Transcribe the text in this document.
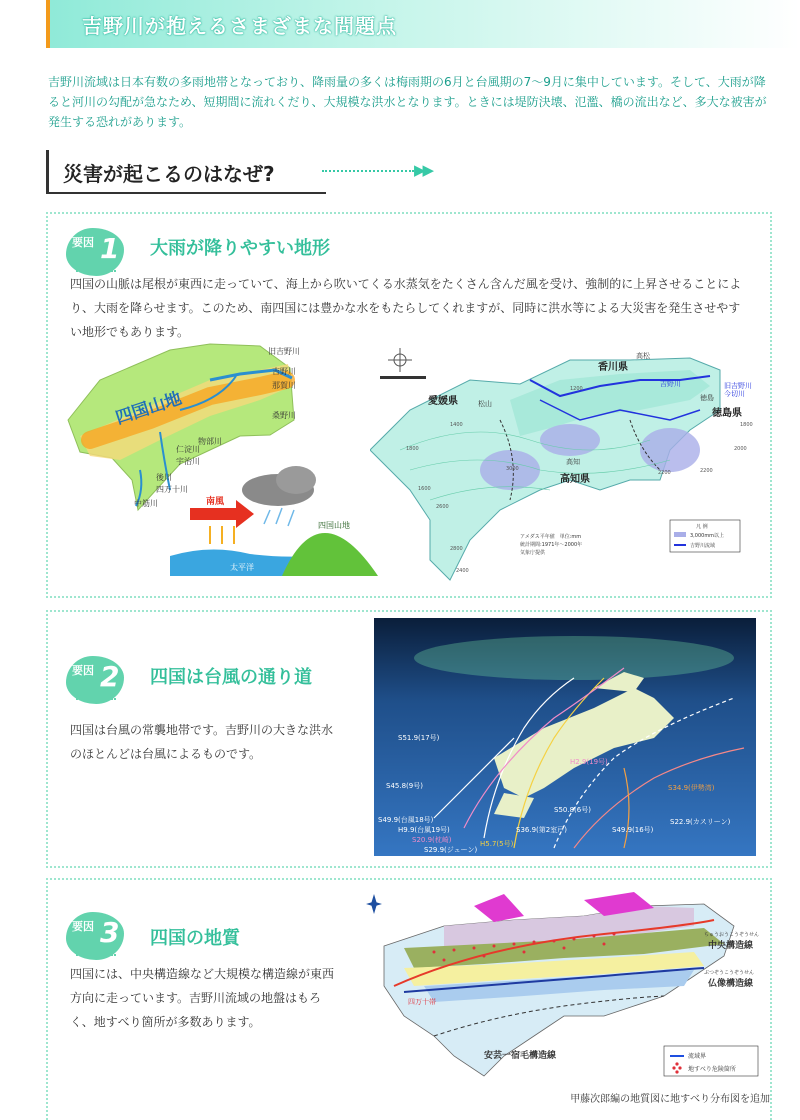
吉野川が抱えるさまざまな問題点

吉野川流域は日本有数の多雨地帯となっており、降雨量の多くは梅雨期の6月と台風期の7〜9月に集中しています。そして、大雨が降ると河川の勾配が急なため、短期間に流れくだり、大規模な洪水となります。ときには堤防決壊、氾濫、橋の流出など、多大な被害が発生する恐れがあります。

災害が起こるのはなぜ?	▶▶
要因 1 大雨が降りやすい地形

四国の山脈は尾根が東西に走っていて、海上から吹いてくる水蒸気をたくさん含んだ風を受け、強制的に上昇させることにより、大雨を降らせます。このため、南四国には豊かな水をもたらしてくれますが、同時に洪水等による大災害を発生させやすい地形でもあります。

四国山地
旧吉野川
吉野川
那賀川
桑野川
物部川
仁淀川
宇治川
後川
四万十川
中筋川	南風
太平洋
四国山地
香川県
愛媛県
高知県
徳島県
高松
松山
高知
徳島
吉野川	旧吉野川
今切川
1200
1400
1600
1800
2000
2200
2400
2600
2800
3000
2200
1800
アメダス平年値　単位:mm
統計期間:1971年〜2000年
気象庁提供
凡 例
3,000mm以上
吉野川流域
要因 2 四国は台風の通り道

四国は台風の常襲地帯です。吉野川の大きな洪水のほとんどは台風によるものです。

S51.9(17号)
S45.8(9号)
S49.9(台風18号)
H9.9(台風19号)
S20.9(枕崎)
S29.9(ジューン)
H5.7(5号)
S36.9(第2室戸)
S50.8(6号)
S49.9(16号)
S22.9(カスリーン)
S34.9(伊勢湾)
H2.9(19号)
要因 3 四国の地質

四国には、中央構造線など大規模な構造線が東西方向に走っています。吉野川流域の地盤はもろく、地すべり箇所が多数あります。

四万十帯
ちゅうおうこうぞうせん
ぶつぞうこうぞうせん
中央構造線
仏像構造線
安芸一宿毛構造線	流域界
地すべり危険箇所
甲藤次郎編の地質図に地すべり分布図を追加
